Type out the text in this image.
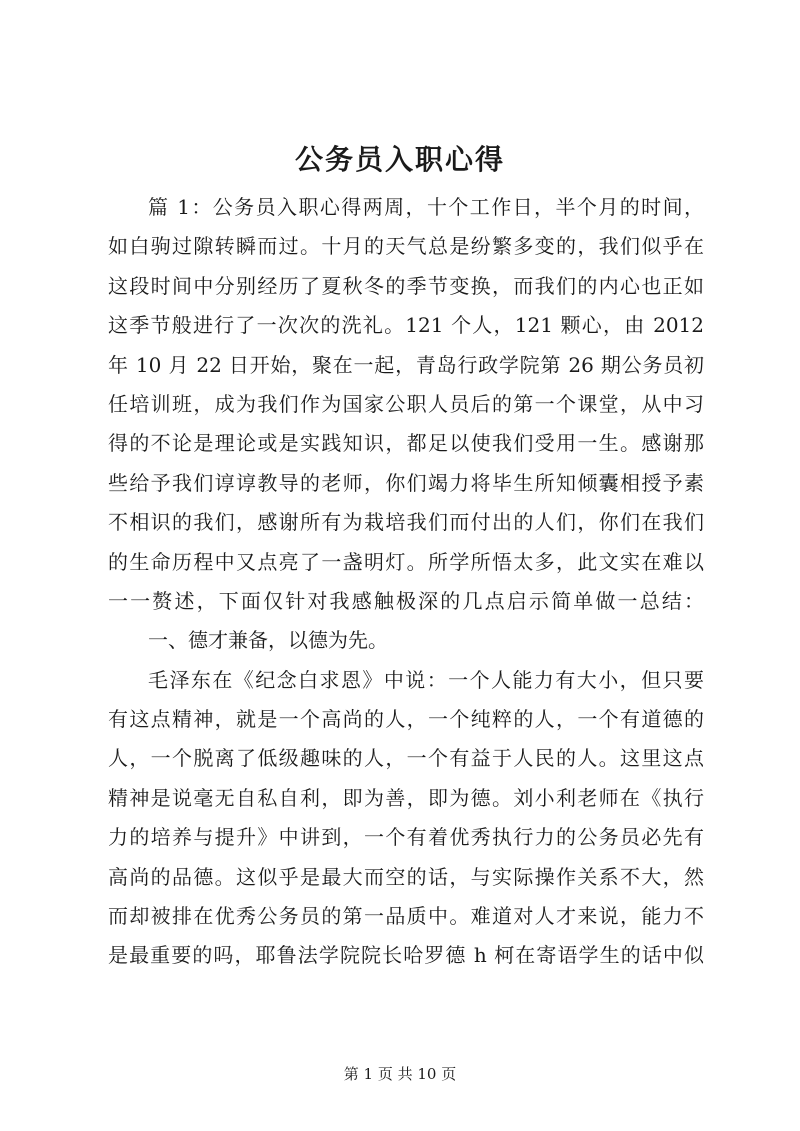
公务员入职心得
篇 1：公务员入职心得两周，十个工作日，半个月的时间，
如白驹过隙转瞬而过。十月的天气总是纷繁多变的，我们似乎在
这段时间中分别经历了夏秋冬的季节变换，而我们的内心也正如
这季节般进行了一次次的洗礼。121 个人，121 颗心，由 2012
年 10 月 22 日开始，聚在一起，青岛行政学院第 26 期公务员初
任培训班，成为我们作为国家公职人员后的第一个课堂，从中习
得的不论是理论或是实践知识，都足以使我们受用一生。感谢那
些给予我们谆谆教导的老师，你们竭力将毕生所知倾囊相授予素
不相识的我们，感谢所有为栽培我们而付出的人们，你们在我们
的生命历程中又点亮了一盏明灯。所学所悟太多，此文实在难以
一一赘述，下面仅针对我感触极深的几点启示简单做一总结：
一、德才兼备，以德为先。
毛泽东在《纪念白求恩》中说：一个人能力有大小，但只要
有这点精神，就是一个高尚的人，一个纯粹的人，一个有道德的
人，一个脱离了低级趣味的人，一个有益于人民的人。这里这点
精神是说毫无自私自利，即为善，即为德。刘小利老师在《执行
力的培养与提升》中讲到，一个有着优秀执行力的公务员必先有
高尚的品德。这似乎是最大而空的话，与实际操作关系不大，然
而却被排在优秀公务员的第一品质中。难道对人才来说，能力不
是最重要的吗，耶鲁法学院院长哈罗德 h 柯在寄语学生的话中似
第 1 页 共 10 页
